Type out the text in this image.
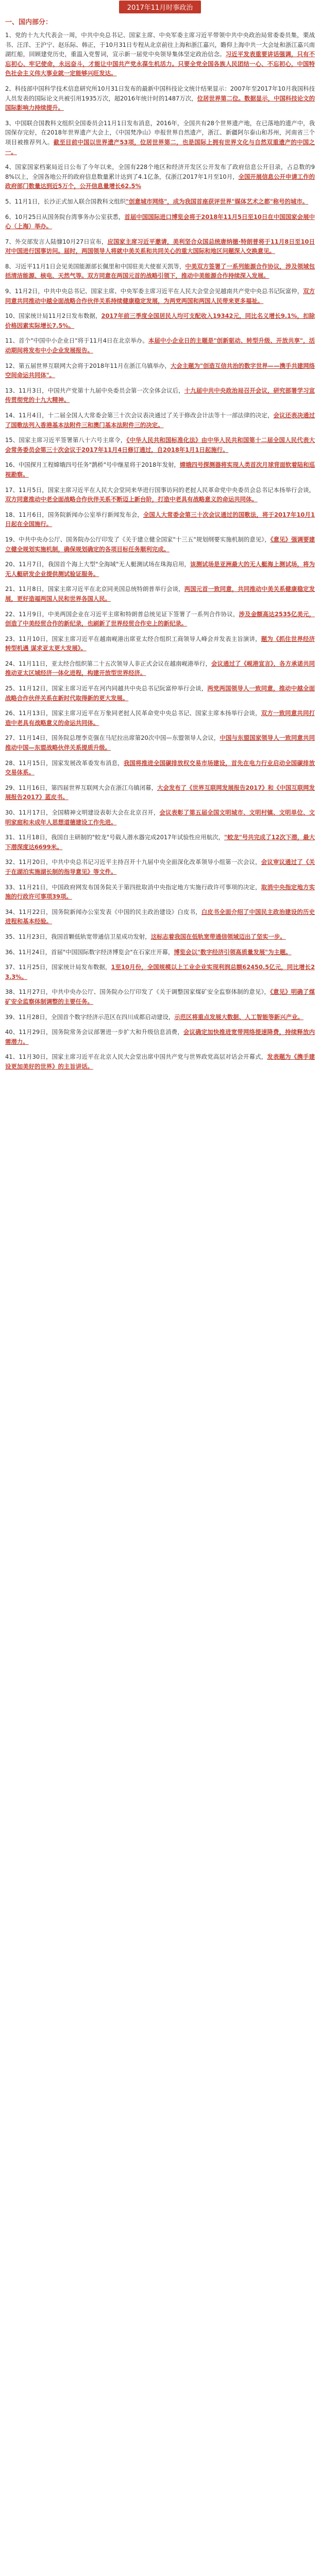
2017年11月时事政治
一、国内部分：

1、党的十九大代表会一周，中共中央总书记、国家主席、中央军委主席习近平带领中共中央政治局常委委员集，栗战书、汪洋、王沪宁、赵乐际、韩正，于10月31日专程从北京前往上海和浙江嘉兴，瞻仰上海中共一大会址和浙江嘉兴南湖红船，回顾建党历史，重温入党誓词，宣示新一届党中央领导集体坚定政治信念。习近平发表重要讲话强调，只有不忘初心、牢记使命，永远奋斗，才能让中国共产党永葆生机活力。只要全党全国各族人民团结一心、不忘初心，中国特色社会主义伟大事业就一定能够兴旺发达。

2、科技部中国科学技术信息研究所10月31日发布的最新中国科技论文统计结果显示：2007年至2017年10月我国科技人员发表的国际论文共被引用1935万次，超2016年统计时的1487万次，位居世界第二位。数据显示，中国科技论文的国际影响力持续提升。

3、中国联合国教科文组织全国委员会11月1日发布消息，2016年，全国共有28个世界遗产地，在已落地的遗产中，我国保存完好，在2018年世界遗产大会上，《中国梵净山》申报世界自然遗产，浙江、新疆阿尔泰山和苏州，河南省三个项目被推荐列入。截至目前中国以世界遗产53项，位居世界第二，也是国际上拥有世界文化与自然双重遗产的中国之一。

4、国家国家档案局近日公布了今年以来，全国有228个地区和经济开发区公开发布了政府信息公开目录，占总数的98%以上，全国各地公开的政府信息数量累计达到了4.1亿条，仅浙江2017年1月至10月，全国开展信息公开申请工作的政府部门数量达到近5万个，公开信息量增长62.5%

5、11月1日，长沙正式加入联合国教科文组织"创意城市网络"，成为我国首座获评世界"媒体艺术之都"称号的城市。

6、10月25日从国务院台湾事务办公室获悉，首届中国国际进口博览会将于2018年11月5日至10日在中国国家会展中心（上海）举办。

7、外交部发言人陆慷10月27日宣布，应国家主席习近平邀请，美利坚合众国总统唐纳德·特朗普将于11月8日至10日对中国进行国事访问。届时，两国领导人将就中美关系和共同关心的重大国际和地区问题深入交换意见。

8、习近平11月1日会见美国能源部长佩里和中国驻美大使崔天凯等，中美双方签署了一系列能源合作协议，涉及领域包括清洁能源、核电、天然气等。双方同意在两国元首的战略引领下，推动中美能源合作持续深入发展。

9、11月2日，中共中央总书记、国家主席、中央军委主席习近平在人民大会堂会见越南共产党中央总书记阮富仲，双方同意共同推动中越全面战略合作伙伴关系持续健康稳定发展，为两党两国和两国人民带来更多福祉。

10、国家统计局11月2日发布数据，2017年前三季度全国居民人均可支配收入19342元，同比名义增长9.1%，扣除价格因素实际增长7.5%。

11、首个"中国中小企业日"将于11月4日在北京举办。本届中小企业日的主题是"创新驱动、转型升级、开放共享"，活动期间将发布中小企业发展报告。

12、第五届世界互联网大会将于2018年11月在浙江乌镇举办，大会主题为"创造互信共治的数字世界——携手共建网络空间命运共同体"。

13、11月3日，中国共产党第十九届中央委员会第一次全体会议后，十九届中共中央政治局召开会议，研究部署学习宣传贯彻党的十九大精神。

14、11月4日，十二届全国人大常委会第三十次会议表决通过了关于修改会计法等十一部法律的决定，会议还表决通过了国歌法列入香港基本法附件三和澳门基本法附件三的决定。

15、国家主席习近平签署第八十六号主席令，《中华人民共和国标准化法》由中华人民共和国第十二届全国人民代表大会常务委员会第三十次会议于2017年11月4日修订通过，自2018年1月1日起施行。

16、中国探月工程嫦娥四号任务"鹊桥"号中继星将于2018年发射，嫦娥四号探测器将实现人类首次月球背面软着陆和巡视勘察。

17、11月5日，国家主席习近平在人民大会堂同来华进行国事访问的老挝人民革命党中央委员会总书记本扬举行会谈，双方同意推动中老全面战略合作伙伴关系不断迈上新台阶，打造中老具有战略意义的命运共同体。

18、11月6日，国务院新闻办公室举行新闻发布会，全国人大常委会第三十次会议通过的国歌法，将于2017年10月1日起在全国施行。

19、中共中央办公厅、国务院办公厅印发了《关于建立健全国家"十三五"规划纲要实施机制的意见》，《意见》强调要建立健全规划实施机制，确保规划确定的各项目标任务顺利完成。

20、11月7日，我国首个海上大型"全海域"无人艇测试场在珠海启用，该测试场是亚洲最大的无人艇海上测试场，将为无人艇研发企业提供测试验证服务。

21、11月8日，国家主席习近平在北京同美国总统特朗普举行会谈，两国元首一致同意，共同推动中美关系健康稳定发展，更好造福两国人民和世界各国人民。

22、11月9日，中美两国企业在习近平主席和特朗普总统见证下签署了一系列合作协议，涉及金额高达2535亿美元，创造了中美经贸合作的新纪录，也刷新了世界经贸合作史上的新纪录。

23、11月10日，国家主席习近平在越南岘港出席亚太经合组织工商领导人峰会并发表主旨演讲，题为《抓住世界经济转型机遇 谋求亚太更大发展》。

24、11月11日，亚太经合组织第二十五次领导人非正式会议在越南岘港举行，会议通过了《岘港宣言》，各方承诺共同推动亚太区域经济一体化进程，构建开放型世界经济。

25、11月12日，国家主席习近平在河内同越共中央总书记阮富仲举行会谈，两党两国领导人一致同意，推动中越全面战略合作伙伴关系在新时代取得新的更大发展。

26、11月13日，国家主席习近平在万象同老挝人民革命党中央总书记、国家主席本扬举行会谈，双方一致同意共同打造中老具有战略意义的命运共同体。

27、11月14日，国务院总理李克强在马尼拉出席第20次中国—东盟领导人会议，中国与东盟国家领导人一致同意共同推动中国—东盟战略伙伴关系提质升级。

28、11月15日，国家发展改革委发布消息，我国将推进全国碳排放权交易市场建设，首先在电力行业启动全国碳排放交易体系。

29、11月16日，第四届世界互联网大会在浙江乌镇闭幕，大会发布了《世界互联网发展报告2017》和《中国互联网发展报告2017》蓝皮书。

30、11月17日，全国精神文明建设表彰大会在北京召开，会议表彰了第五届全国文明城市、文明村镇、文明单位、文明家庭和未成年人思想道德建设工作先进。

31、11月18日，我国自主研制的"蛟龙"号载人潜水器完成2017年试验性应用航次，"蛟龙"号共完成了12次下潜，最大下潜深度达6699米。

32、11月20日，中共中央总书记习近平主持召开十九届中央全面深化改革领导小组第一次会议，会议审议通过了《关于在湖泊实施湖长制的指导意见》等文件。

33、11月21日，中国政府网发布国务院关于第四批取消中央指定地方实施行政许可事项的决定，取消中央指定地方实施的行政许可事项39项。

34、11月22日，国务院新闻办公室发表《中国的民主政治建设》白皮书，白皮书全面介绍了中国民主政治建设的历史进程和基本经验。

35、11月23日，我国首颗低轨宽带通信卫星成功发射，这标志着我国在低轨宽带通信领域迈出了坚实一步。

36、11月24日，首届"中国国际数字经济博览会"在石家庄开幕，博览会以"数字经济引领高质量发展"为主题。

37、11月25日，国家统计局发布数据，1至10月份，全国规模以上工业企业实现利润总额62450.5亿元，同比增长23.3%。

38、11月27日，中共中央办公厅、国务院办公厅印发了《关于调整国家煤矿安全监察体制的意见》，《意见》明确了煤矿安全监察体制调整的主要任务。

39、11月28日，全国首个数字经济示范区在四川成都启动建设，示范区将重点发展大数据、人工智能等新兴产业。

40、11月29日，国务院常务会议部署进一步扩大和升级信息消费，会议确定加快推进宽带网络提速降费，持续释放内需潜力。

41、11月30日，国家主席习近平在北京人民大会堂出席中国共产党与世界政党高层对话会开幕式，发表题为《携手建设更加美好的世界》的主旨讲话。
